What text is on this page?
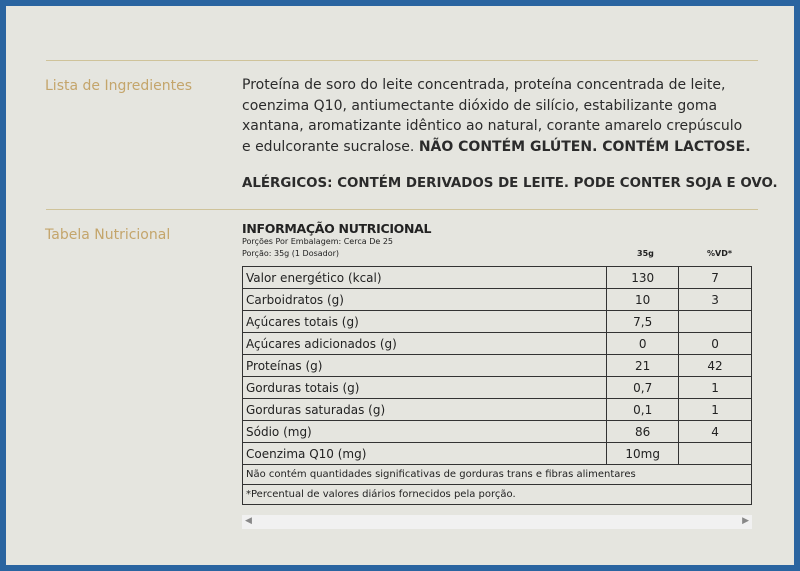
Lista de Ingredientes	Proteína de soro do leite concentrada, proteína concentrada de leite, coenzima Q10, antiumectante dióxido de silício, estabilizante goma xantana, aromatizante idêntico ao natural, corante amarelo crepúsculo e edulcorante sucralose. NÃO CONTÉM GLÚTEN. CONTÉM LACTOSE.
ALÉRGICOS: CONTÉM DERIVADOS DE LEITE. PODE CONTER SOJA E OVO.
Tabela Nutricional	INFORMAÇÃO NUTRICIONAL
Porções Por Embalagem: Cerca De 25
Porção: 35g (1 Dosador)	35g	%VD*
Valor energético (kcal)	130	7
Carboidratos (g)	10	3
Açúcares totais (g)	7,5	
Açúcares adicionados (g)	0	0
Proteínas (g)	21	42
Gorduras totais (g)	0,7	1
Gorduras saturadas (g)	0,1	1
Sódio (mg)	86	4
Coenzima Q10 (mg)	10mg	
Não contém quantidades significativas de gorduras trans e fibras alimentares		
*Percentual de valores diários fornecidos pela porção.		
◀	▶
